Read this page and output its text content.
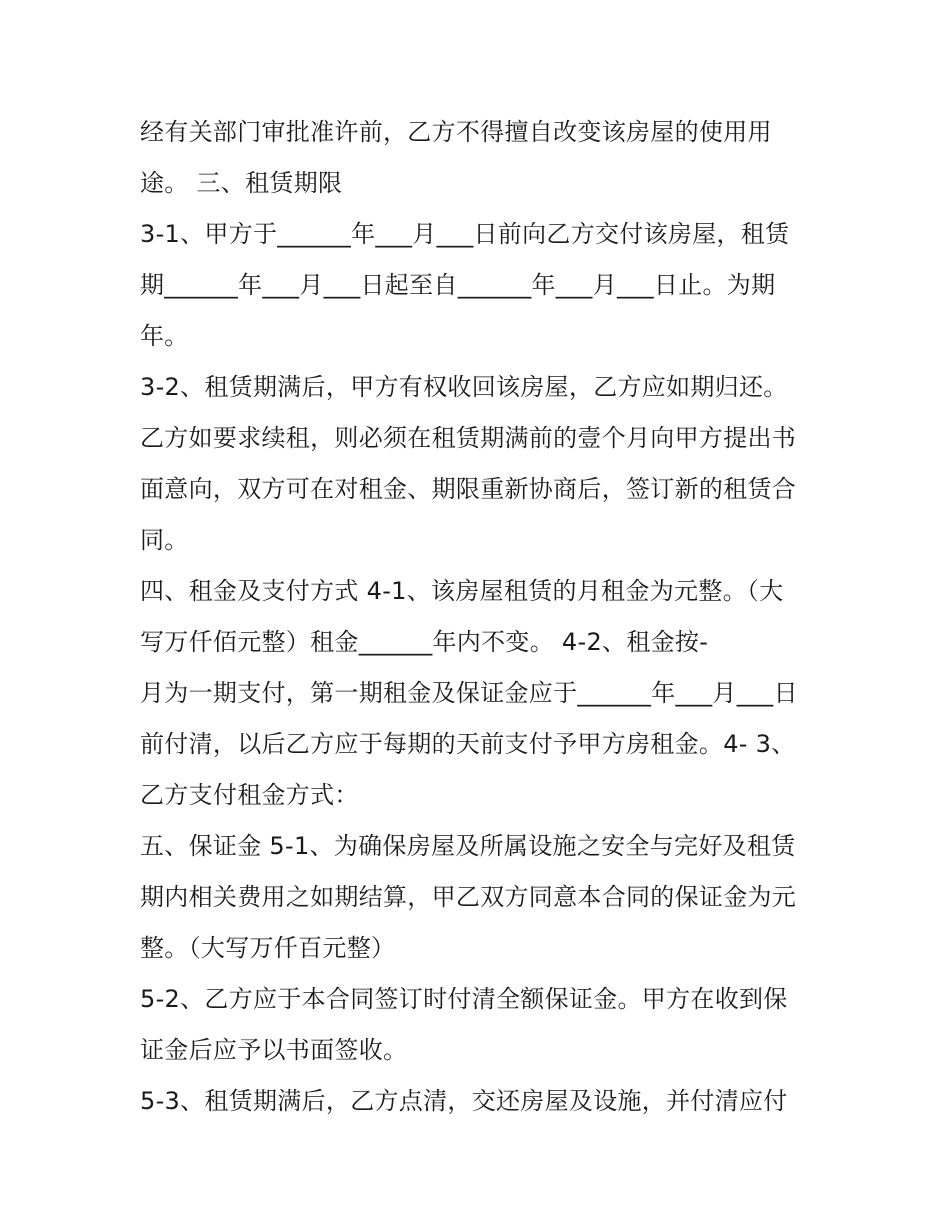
经有关部门审批准许前，乙方不得擅自改变该房屋的使用用
途。 三、租赁期限
3-1、甲方于______年___月___日前向乙方交付该房屋，租赁
期______年___月___日起至自______年___月___日止。为期
年。
3-2、租赁期满后，甲方有权收回该房屋，乙方应如期归还。
乙方如要求续租，则必须在租赁期满前的壹个月向甲方提出书
面意向，双方可在对租金、期限重新协商后，签订新的租赁合
同。
四、租金及支付方式 4-1、该房屋租赁的月租金为元整。（大
写万仟佰元整）租金______年内不变。 4-2、租金按-
月为一期支付，第一期租金及保证金应于______年___月___日
前付清，以后乙方应于每期的天前支付予甲方房租金。4- 3、
乙方支付租金方式：
五、保证金 5-1、为确保房屋及所属设施之安全与完好及租赁
期内相关费用之如期结算，甲乙双方同意本合同的保证金为元
整。（大写万仟百元整）
5-2、乙方应于本合同签订时付清全额保证金。甲方在收到保
证金后应予以书面签收。
5-3、租赁期满后，乙方点清，交还房屋及设施，并付清应付
